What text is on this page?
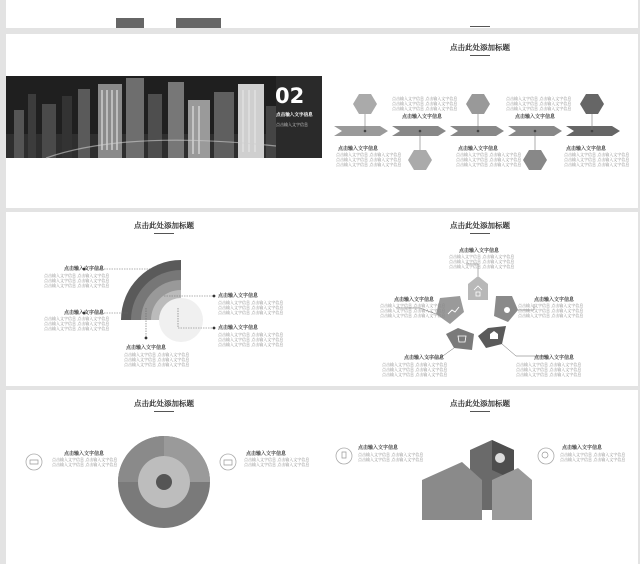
02
点击输入文字信息
点击输入文字信息
点击此处添加标题
点击输入文字信息 点击输入文字信息
点击输入文字信息 点击输入文字信息
点击输入文字信息 点击输入文字信息
点击输入文字信息
点击输入文字信息 点击输入文字信息
点击输入文字信息 点击输入文字信息
点击输入文字信息 点击输入文字信息
点击输入文字信息
点击输入文字信息
点击输入文字信息 点击输入文字信息
点击输入文字信息 点击输入文字信息
点击输入文字信息 点击输入文字信息
点击输入文字信息
点击输入文字信息 点击输入文字信息
点击输入文字信息 点击输入文字信息
点击输入文字信息 点击输入文字信息
点击输入文字信息
点击输入文字信息 点击输入文字信息
点击输入文字信息 点击输入文字信息
点击输入文字信息 点击输入文字信息
点击此处添加标题
点击输入文字信息
点击输入文字信息 点击输入文字信息
点击输入文字信息 点击输入文字信息
点击输入文字信息 点击输入文字信息
点击输入文字信息
点击输入文字信息 点击输入文字信息
点击输入文字信息 点击输入文字信息
点击输入文字信息 点击输入文字信息
点击输入文字信息
点击输入文字信息 点击输入文字信息
点击输入文字信息 点击输入文字信息
点击输入文字信息 点击输入文字信息
点击输入文字信息
点击输入文字信息 点击输入文字信息
点击输入文字信息 点击输入文字信息
点击输入文字信息 点击输入文字信息
点击输入文字信息
点击输入文字信息 点击输入文字信息
点击输入文字信息 点击输入文字信息
点击输入文字信息 点击输入文字信息
点击此处添加标题
点击输入文字信息
点击输入文字信息 点击输入文字信息
点击输入文字信息 点击输入文字信息
点击输入文字信息 点击输入文字信息
点击输入文字信息
点击输入文字信息 点击输入文字信息
点击输入文字信息 点击输入文字信息
点击输入文字信息 点击输入文字信息
点击输入文字信息
点击输入文字信息 点击输入文字信息
点击输入文字信息 点击输入文字信息
点击输入文字信息 点击输入文字信息
点击输入文字信息
点击输入文字信息 点击输入文字信息
点击输入文字信息 点击输入文字信息
点击输入文字信息 点击输入文字信息
点击输入文字信息
点击输入文字信息 点击输入文字信息
点击输入文字信息 点击输入文字信息
点击输入文字信息 点击输入文字信息
点击此处添加标题
点击输入文字信息
点击输入文字信息 点击输入文字信息
点击输入文字信息 点击输入文字信息
点击输入文字信息
点击输入文字信息 点击输入文字信息
点击输入文字信息 点击输入文字信息
点击此处添加标题
点击输入文字信息
点击输入文字信息 点击输入文字信息
点击输入文字信息 点击输入文字信息
点击输入文字信息
点击输入文字信息 点击输入文字信息
点击输入文字信息 点击输入文字信息
